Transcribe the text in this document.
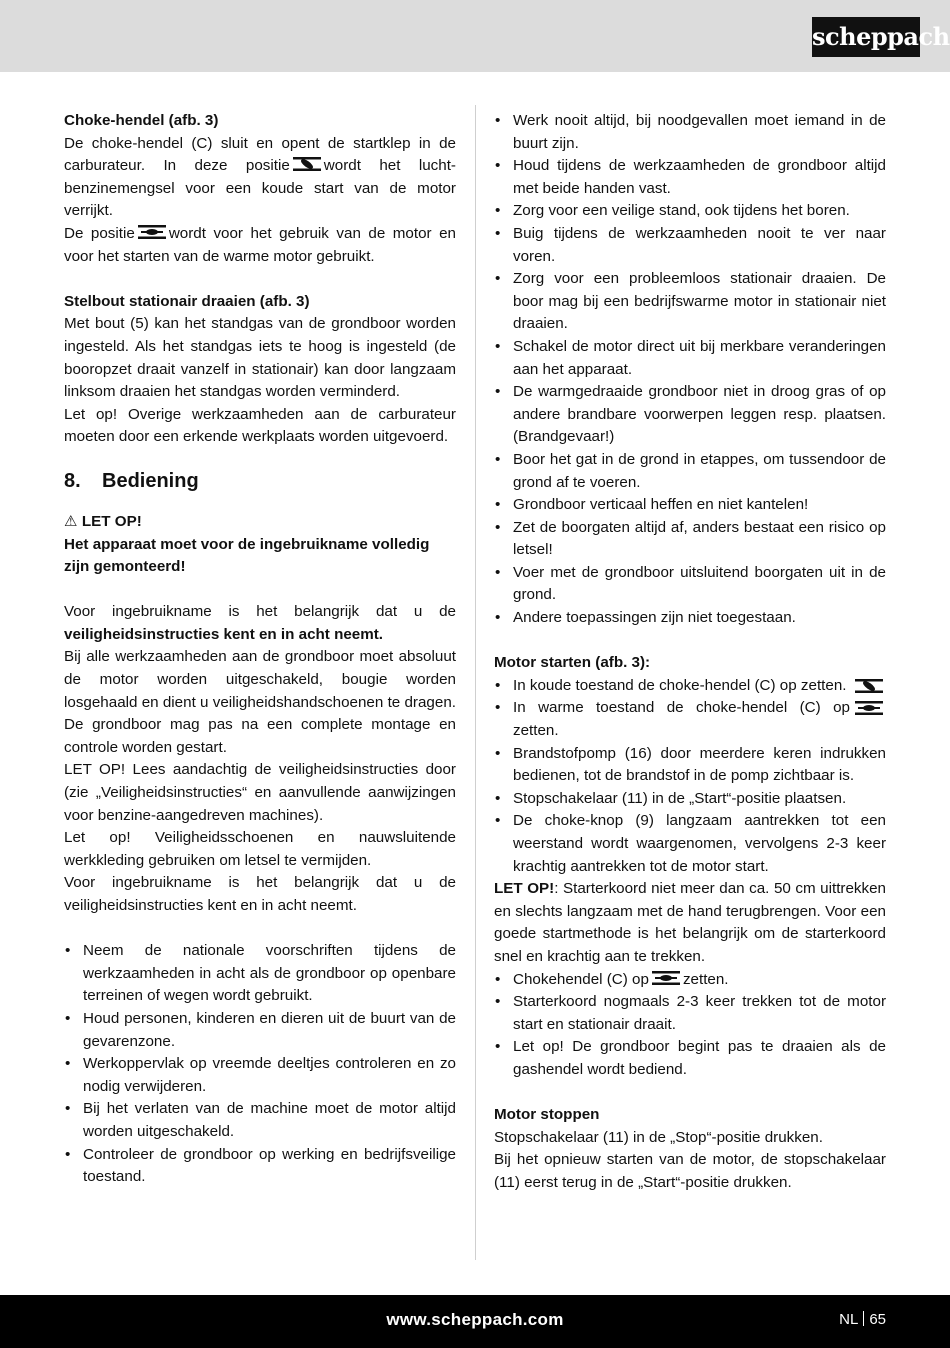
scheppach

Choke-hendel (afb. 3)

De choke-hendel (C) sluit en opent de startklep in de carburateur. In deze positie wordt het lucht-benzinemengsel voor een koude start van de motor verrijkt.

De positie wordt voor het gebruik van de motor en voor het starten van de warme motor gebruikt.

Stelbout stationair draaien (afb. 3)

Met bout (5) kan het standgas van de grondboor worden ingesteld. Als het standgas iets te hoog is ingesteld (de booropzet draait vanzelf in stationair) kan door langzaam linksom draaien het standgas worden verminderd.

Let op! Overige werkzaamheden aan de carburateur moeten door een erkende werkplaats worden uitgevoerd.

8. Bediening

⚠ LET OP!

Het apparaat moet voor de ingebruikname volledig zijn gemonteerd!

Voor ingebruikname is het belangrijk dat u de veiligheidsinstructies kent en in acht neemt.

Bij alle werkzaamheden aan de grondboor moet absoluut de motor worden uitgeschakeld, bougie worden losgehaald en dient u veiligheidshandschoenen te dragen. De grondboor mag pas na een complete montage en controle worden gestart.

LET OP! Lees aandachtig de veiligheidsinstructies door (zie „Veiligheidsinstructies“ en aanvullende aanwijzingen voor benzine-aangedreven machines).

Let op! Veiligheidsschoenen en nauwsluitende werkkleding gebruiken om letsel te vermijden.

Voor ingebruikname is het belangrijk dat u de veiligheidsinstructies kent en in acht neemt.

• Neem de nationale voorschriften tijdens de werkzaamheden in acht als de grondboor op openbare terreinen of wegen wordt gebruikt.
• Houd personen, kinderen en dieren uit de buurt van de gevarenzone.
• Werkoppervlak op vreemde deeltjes controleren en zo nodig verwijderen.
• Bij het verlaten van de machine moet de motor altijd worden uitgeschakeld.
• Controleer de grondboor op werking en bedrijfsveilige toestand.
• Werk nooit altijd, bij noodgevallen moet iemand in de buurt zijn.
• Houd tijdens de werkzaamheden de grondboor altijd met beide handen vast.
• Zorg voor een veilige stand, ook tijdens het boren.
• Buig tijdens de werkzaamheden nooit te ver naar voren.
• Zorg voor een probleemloos stationair draaien. De boor mag bij een bedrijfswarme motor in stationair niet draaien.
• Schakel de motor direct uit bij merkbare veranderingen aan het apparaat.
• De warmgedraaide grondboor niet in droog gras of op andere brandbare voorwerpen leggen resp. plaatsen. (Brandgevaar!)
• Boor het gat in de grond in etappes, om tussendoor de grond af te voeren.
• Grondboor verticaal heffen en niet kantelen!
• Zet de boorgaten altijd af, anders bestaat een risico op letsel!
• Voer met de grondboor uitsluitend boorgaten uit in de grond.
• Andere toepassingen zijn niet toegestaan.

Motor starten (afb. 3):

• In koude toestand de choke-hendel (C) op zetten.
• In warme toestand de choke-hendel (C) op zetten.
• Brandstofpomp (16) door meerdere keren indrukken bedienen, tot de brandstof in de pomp zichtbaar is.
• Stopschakelaar (11) in de „Start“-positie plaatsen.
• De choke-knop (9) langzaam aantrekken tot een weerstand wordt waargenomen, vervolgens 2-3 keer krachtig aantrekken tot de motor start.

LET OP!: Starterkoord niet meer dan ca. 50 cm uittrekken en slechts langzaam met de hand terugbrengen. Voor een goede startmethode is het belangrijk om de starterkoord snel en krachtig aan te trekken.

• Chokehendel (C) op zetten.
• Starterkoord nogmaals 2-3 keer trekken tot de motor start en stationair draait.
• Let op! De grondboor begint pas te draaien als de gashendel wordt bediend.

Motor stoppen

Stopschakelaar (11) in de „Stop“-positie drukken.

Bij het opnieuw starten van de motor, de stopschakelaar (11) eerst terug in de „Start“-positie drukken.

www.scheppach.com	NL 65
